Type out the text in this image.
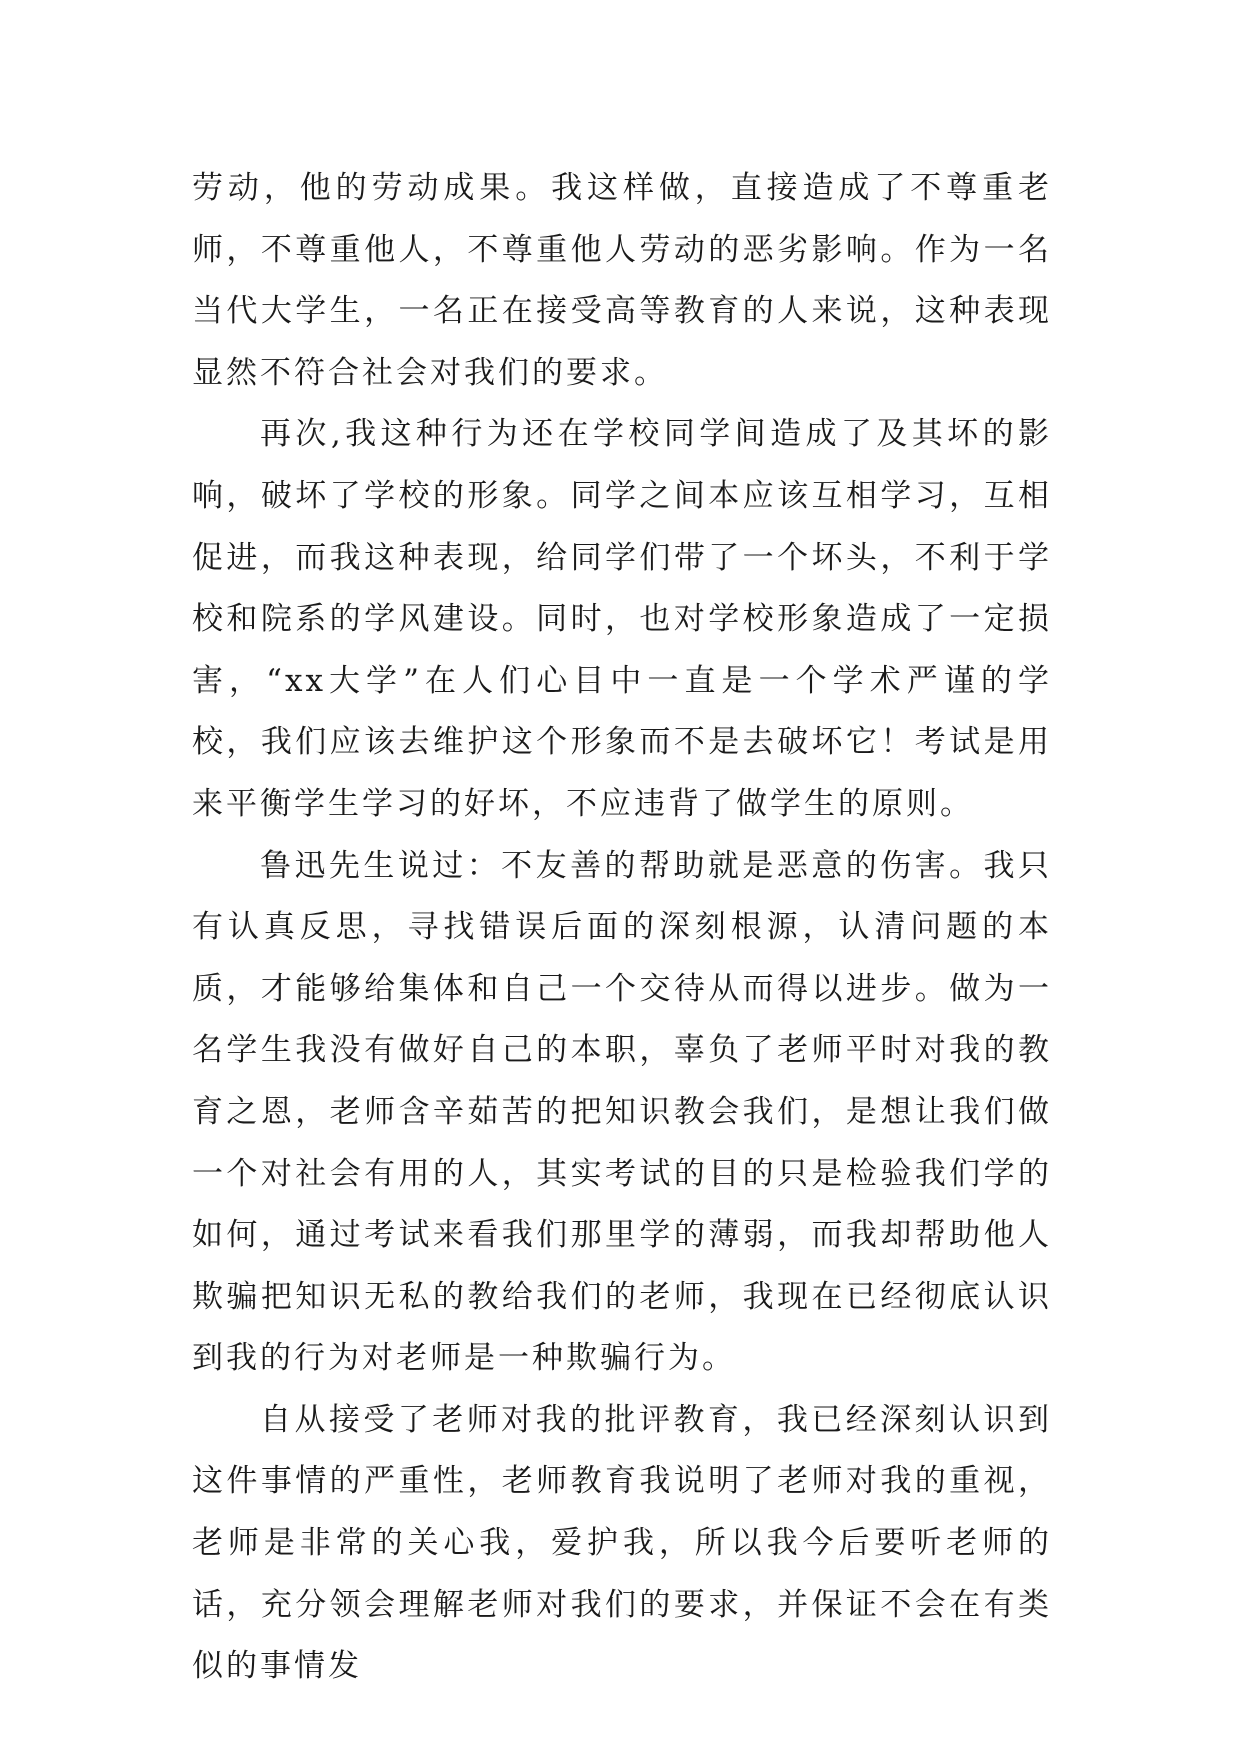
劳动，他的劳动成果。我这样做，直接造成了不尊重老师，不尊重他人，不尊重他人劳动的恶劣影响。作为一名当代大学生，一名正在接受高等教育的人来说，这种表现显然不符合社会对我们的要求。

再次,我这种行为还在学校同学间造成了及其坏的影响，破坏了学校的形象。同学之间本应该互相学习，互相促进，而我这种表现，给同学们带了一个坏头，不利于学校和院系的学风建设。同时，也对学校形象造成了一定损害，“xx大学”在人们心目中一直是一个学术严谨的学校，我们应该去维护这个形象而不是去破坏它！考试是用来平衡学生学习的好坏，不应违背了做学生的原则。

鲁迅先生说过：不友善的帮助就是恶意的伤害。我只有认真反思，寻找错误后面的深刻根源，认清问题的本质，才能够给集体和自己一个交待从而得以进步。做为一名学生我没有做好自己的本职，辜负了老师平时对我的教育之恩，老师含辛茹苦的把知识教会我们，是想让我们做一个对社会有用的人，其实考试的目的只是检验我们学的如何，通过考试来看我们那里学的薄弱，而我却帮助他人欺骗把知识无私的教给我们的老师，我现在已经彻底认识到我的行为对老师是一种欺骗行为。

自从接受了老师对我的批评教育，我已经深刻认识到这件事情的严重性，老师教育我说明了老师对我的重视，老师是非常的关心我，爱护我，所以我今后要听老师的话，充分领会理解老师对我们的要求，并保证不会在有类似的事情发
